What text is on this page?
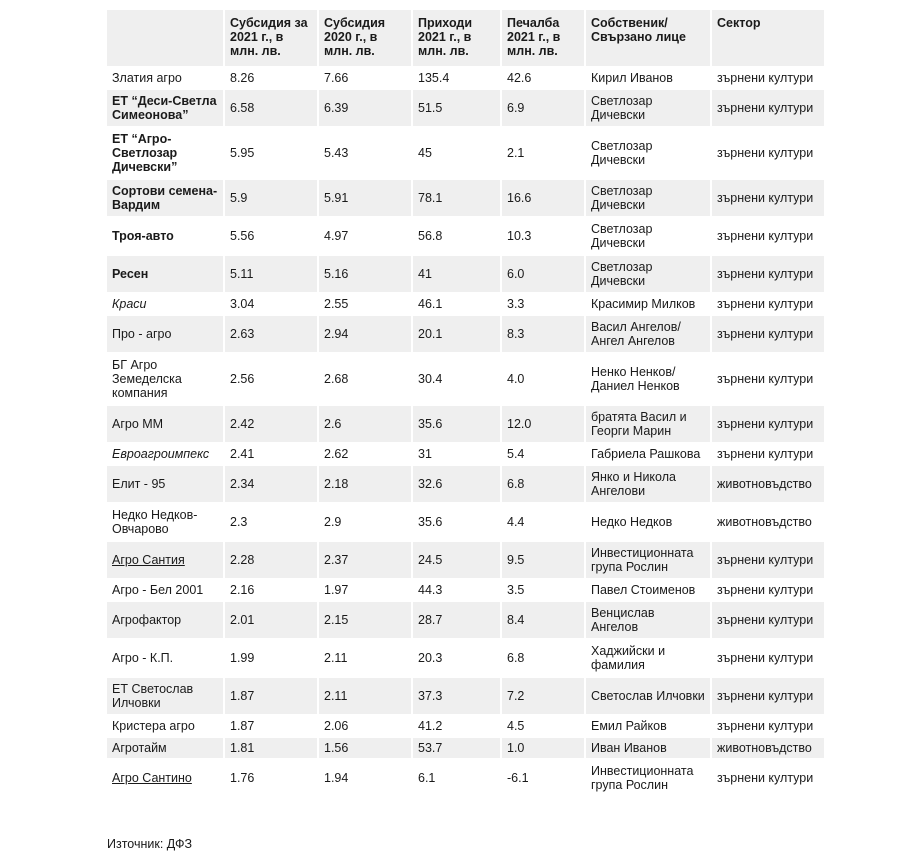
	Субсидия за 2021 г., в млн. лв.	Субсидия 2020 г., в млн. лв.	Приходи 2021 г., в млн. лв.	Печалба 2021 г., в млн. лв.	Собственик/ Свързано лице	Сектор
Златия агро	8.26	7.66	135.4	42.6	Кирил Иванов	зърнени култури
ЕТ “Деси-Светла Симеонова”	6.58	6.39	51.5	6.9	Светлозар Дичевски	зърнени култури
ЕТ “Агро-Светлозар Дичевски”	5.95	5.43	45	2.1	Светлозар Дичевски	зърнени култури
Сортови семена- Вардим	5.9	5.91	78.1	16.6	Светлозар Дичевски	зърнени култури
Троя-авто	5.56	4.97	56.8	10.3	Светлозар Дичевски	зърнени култури
Ресен	5.11	5.16	41	6.0	Светлозар Дичевски	зърнени култури
Краси	3.04	2.55	46.1	3.3	Красимир Милков	зърнени култури
Про - агро	2.63	2.94	20.1	8.3	Васил Ангелов/ Ангел Ангелов	зърнени култури
БГ Агро Земеделска компания	2.56	2.68	30.4	4.0	Ненко Ненков/ Даниел Ненков	зърнени култури
Агро ММ	2.42	2.6	35.6	12.0	братята Васил и Георги Марин	зърнени култури
Евроагроимпекс	2.41	2.62	31	5.4	Габриела Рашкова	зърнени култури
Елит - 95	2.34	2.18	32.6	6.8	Янко и Никола Ангелови	животновъдство
Недко Недков-Овчарово	2.3	2.9	35.6	4.4	Недко Недков	животновъдство
Агро Сантия	2.28	2.37	24.5	9.5	Инвестиционната група Рослин	зърнени култури
Агро - Бел 2001	2.16	1.97	44.3	3.5	Павел Стоименов	зърнени култури
Агрофактор	2.01	2.15	28.7	8.4	Венцислав Ангелов	зърнени култури
Агро - К.П.	1.99	2.11	20.3	6.8	Хаджийски и фамилия	зърнени култури
ЕТ Светослав Илчовки	1.87	2.11	37.3	7.2	Светослав Илчовки	зърнени култури
Кристера агро	1.87	2.06	41.2	4.5	Емил Райков	зърнени култури
Агротайм	1.81	1.56	53.7	1.0	Иван Иванов	животновъдство
Агро Сантино	1.76	1.94	6.1	-6.1	Инвестиционната група Рослин	зърнени култури
Източник: ДФЗ
